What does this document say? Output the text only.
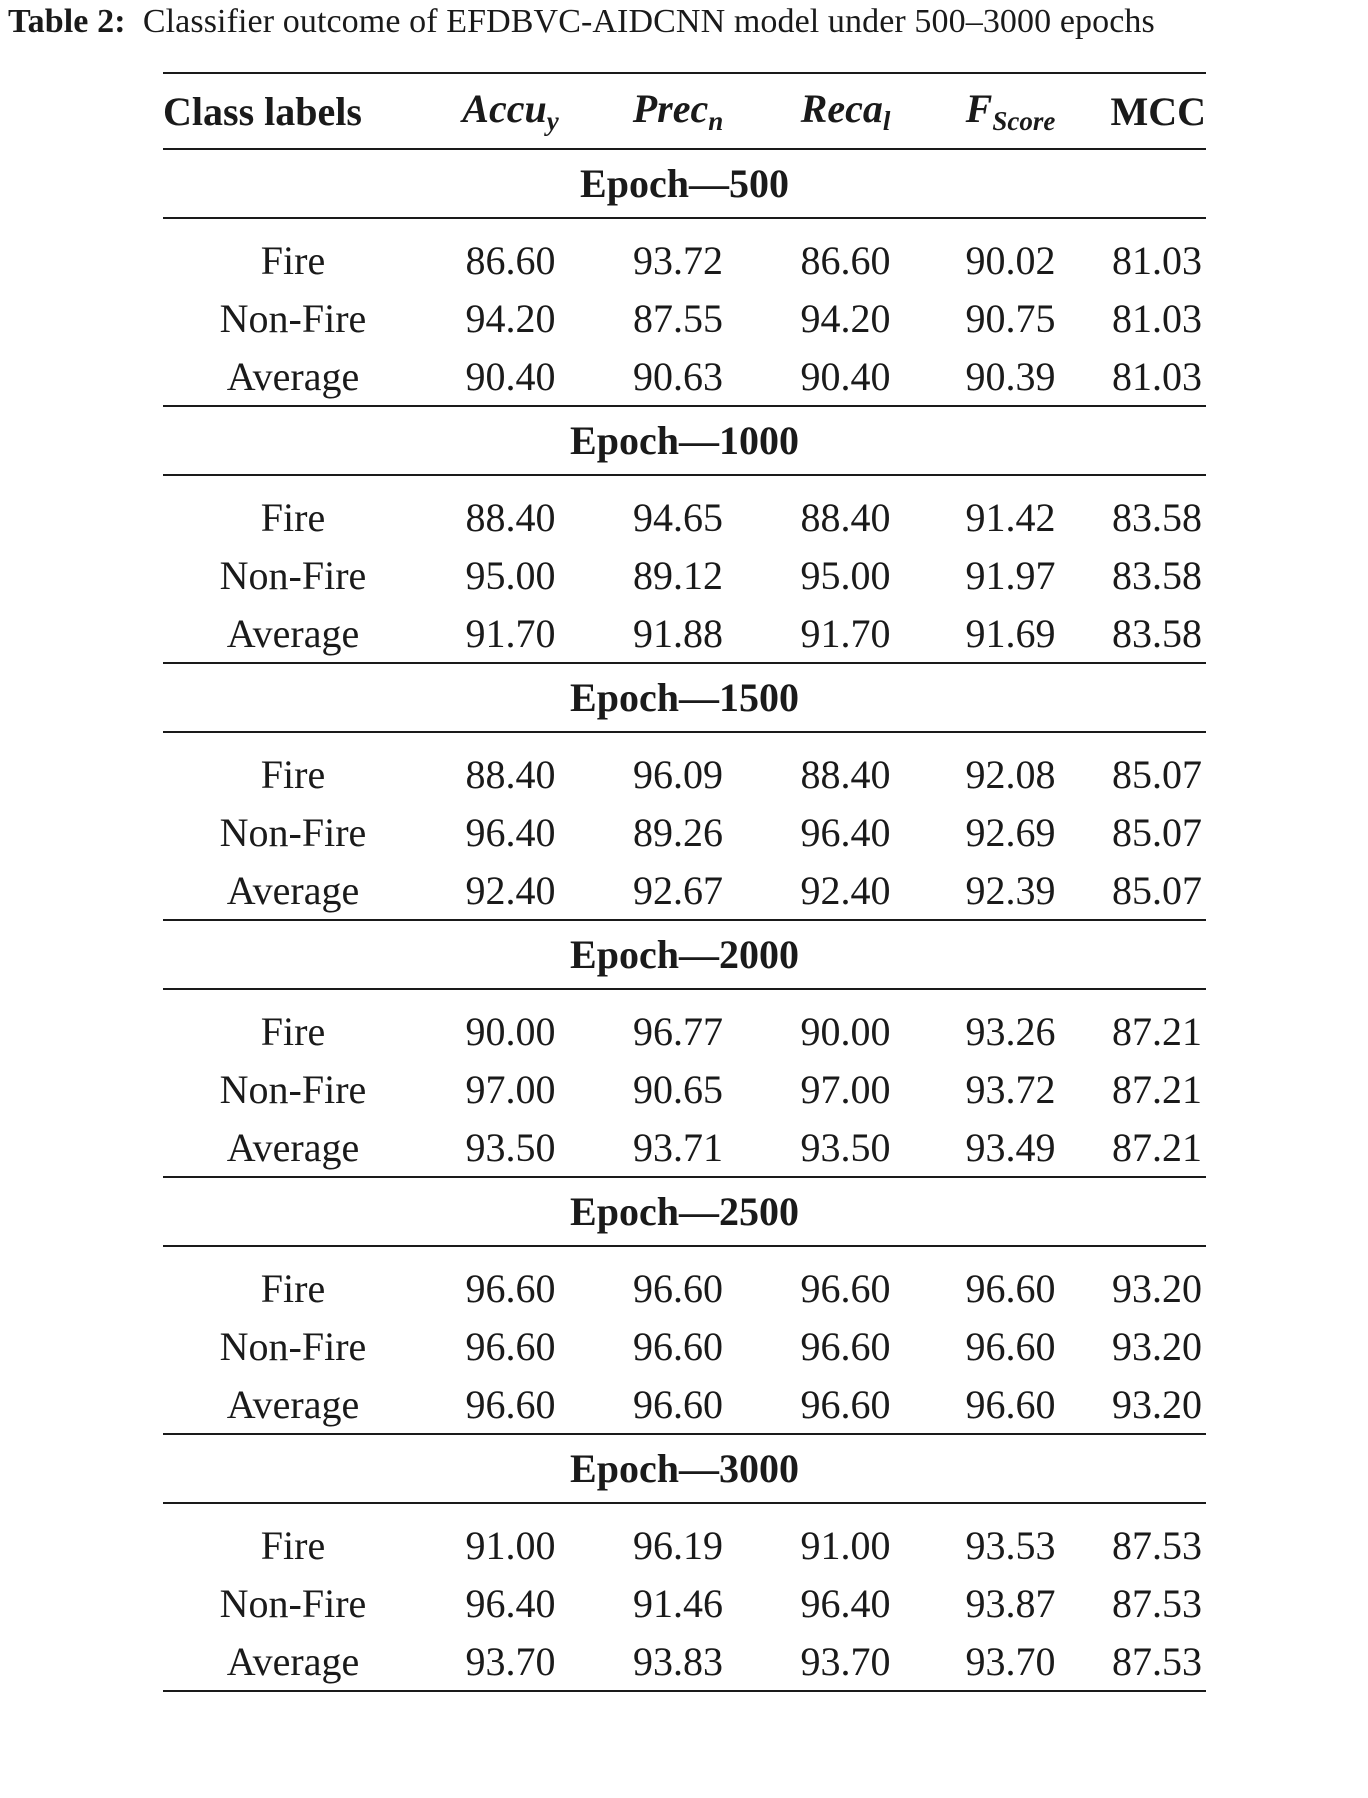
Table 2: Classifier outcome of EFDBVC-AIDCNN model under 500–3000 epochs
Class labels	Accu$_y$	Prec$_n$	Reca$_l$	$F_{Score}$	MCC
Epoch—500					

Fire	86.60	93.72	86.60	90.02	81.03
Non-Fire	94.20	87.55	94.20	90.75	81.03
Average	90.40	90.63	90.40	90.39	81.03
Epoch—1000					

Fire	88.40	94.65	88.40	91.42	83.58
Non-Fire	95.00	89.12	95.00	91.97	83.58
Average	91.70	91.88	91.70	91.69	83.58
Epoch—1500					

Fire	88.40	96.09	88.40	92.08	85.07
Non-Fire	96.40	89.26	96.40	92.69	85.07
Average	92.40	92.67	92.40	92.39	85.07
Epoch—2000					

Fire	90.00	96.77	90.00	93.26	87.21
Non-Fire	97.00	90.65	97.00	93.72	87.21
Average	93.50	93.71	93.50	93.49	87.21
Epoch—2500					

Fire	96.60	96.60	96.60	96.60	93.20
Non-Fire	96.60	96.60	96.60	96.60	93.20
Average	96.60	96.60	96.60	96.60	93.20
Epoch—3000					

Fire	91.00	96.19	91.00	93.53	87.53
Non-Fire	96.40	91.46	96.40	93.87	87.53
Average	93.70	93.83	93.70	93.70	87.53
